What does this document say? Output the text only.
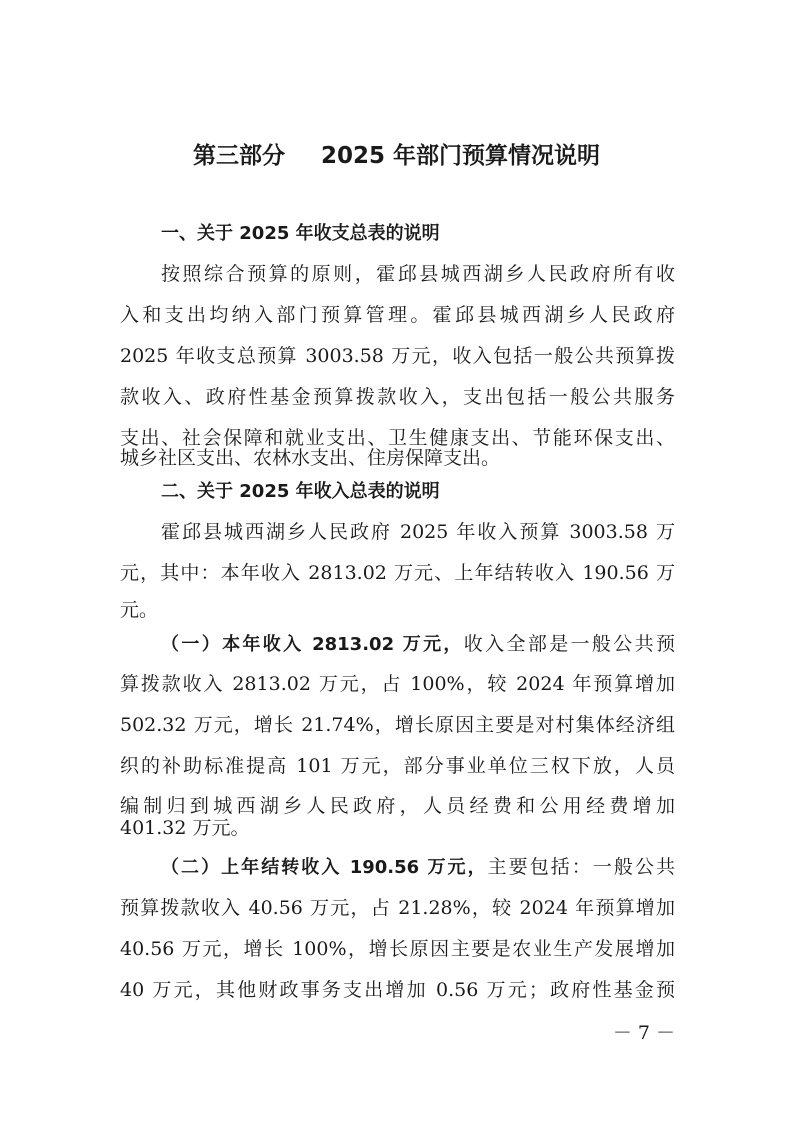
第三部分 2025 年部门预算情况说明
一、关于 2025 年收支总表的说明
按照综合预算的原则，霍邱县城西湖乡人民政府所有收
入和支出均纳入部门预算管理。霍邱县城西湖乡人民政府
2025 年收支总预算 3003.58 万元，收入包括一般公共预算拨
款收入、政府性基金预算拨款收入，支出包括一般公共服务
支出、社会保障和就业支出、卫生健康支出、节能环保支出、
城乡社区支出、农林水支出、住房保障支出。
二、关于 2025 年收入总表的说明
霍邱县城西湖乡人民政府 2025 年收入预算 3003.58 万
元，其中：本年收入 2813.02 万元、上年结转收入 190.56 万
元。
（一）本年收入 2813.02 万元，收入全部是一般公共预
算拨款收入 2813.02 万元，占 100%，较 2024 年预算增加
502.32 万元，增长 21.74%，增长原因主要是对村集体经济组
织的补助标准提高 101 万元，部分事业单位三权下放，人员
编制归到城西湖乡人民政府，人员经费和公用经费增加
401.32 万元。
（二）上年结转收入 190.56 万元，主要包括：一般公共
预算拨款收入 40.56 万元，占 21.28%，较 2024 年预算增加
40.56 万元，增长 100%，增长原因主要是农业生产发展增加
40 万元，其他财政事务支出增加 0.56 万元；政府性基金预
－ 7 －
